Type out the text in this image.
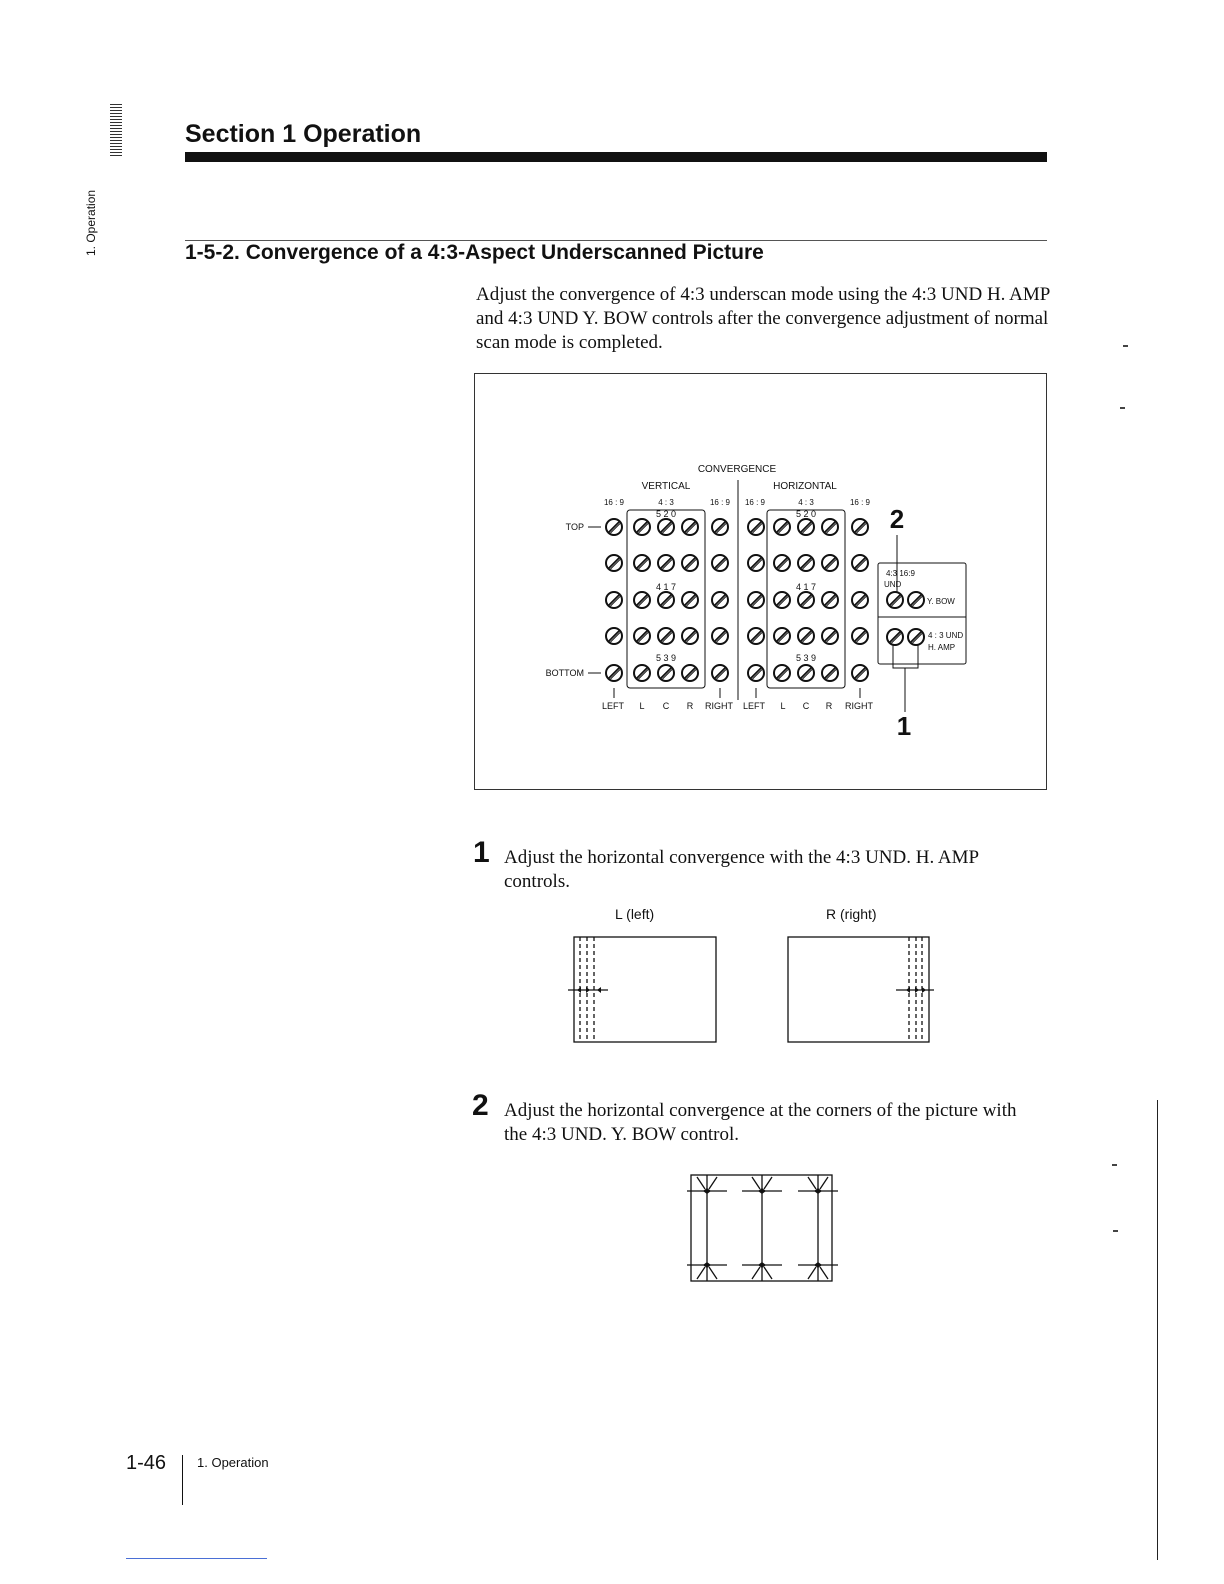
1. Operation
Section 1 Operation
1-5-2. Convergence of a 4:3-Aspect Underscanned Picture
Adjust the convergence of 4:3 underscan mode using the 4:3 UND H. AMP and 4:3 UND Y. BOW controls after the convergence adjustment of normal scan mode is completed.
CONVERGENCE
VERTICAL	HORIZONTAL
16 : 9	4 : 3	16 : 9 16 : 9	4 : 3	16 : 9
5 2 0	5 2 0
4 1 7	4 1 7
5 3 9	5 3 9
TOP
BOTTOM
LEFT L C R RIGHT LEFT L C R RIGHT
4:3 16:9
UND
Y. BOW
4 : 3 UND
H. AMP
2
1
1 Adjust the horizontal convergence with the 4:3 UND. H. AMP controls.
L (left)	R (right)
2 Adjust the horizontal convergence at the corners of the picture with the 4:3 UND. Y. BOW control.
1-46 1. Operation
